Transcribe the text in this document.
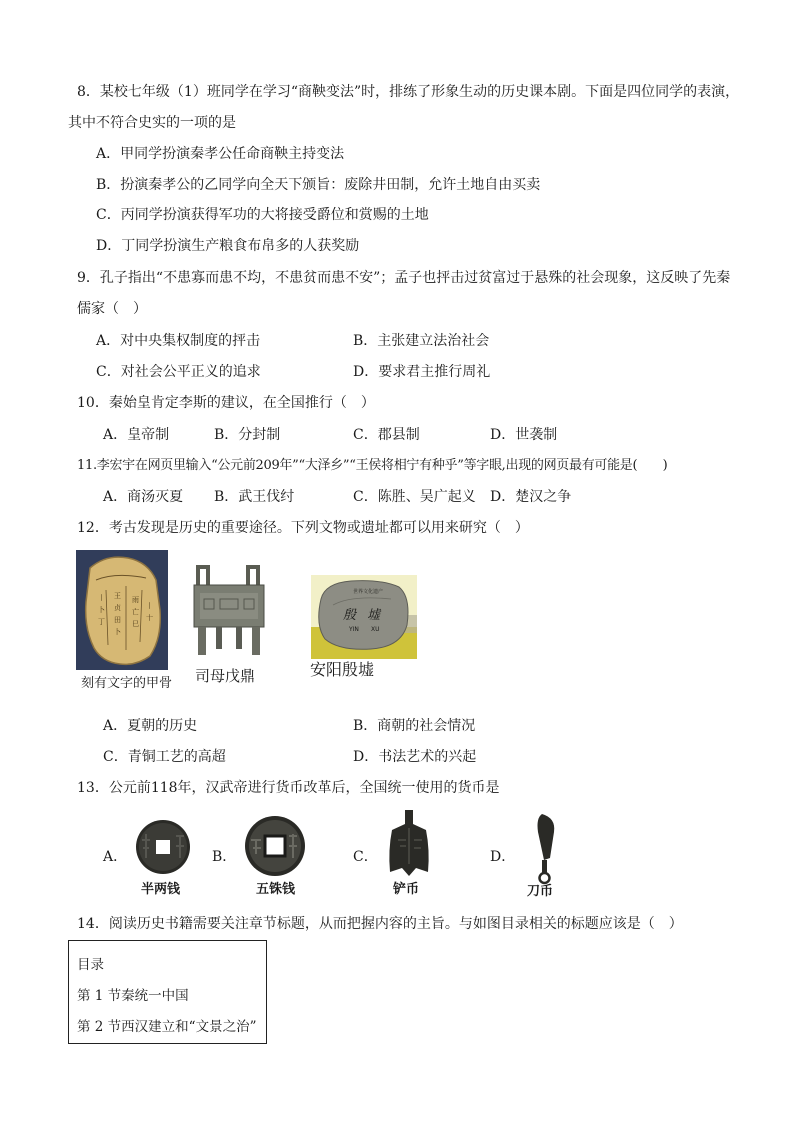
8．某校七年级（1）班同学在学习“商鞅变法”时，排练了形象生动的历史课本剧。下面是四位同学的表演，
其中不符合史实的一项的是
A．甲同学扮演秦孝公任命商鞅主持变法
B．扮演秦孝公的乙同学向全天下颁旨：废除井田制，允许土地自由买卖
C．丙同学扮演获得军功的大将接受爵位和赏赐的土地
D．丁同学扮演生产粮食布帛多的人获奖励
9．孔子指出“不患寡而患不均，不患贫而患不安”；孟子也抨击过贫富过于悬殊的社会现象，这反映了先秦
儒家（　）
A．对中央集权制度的抨击	B．主张建立法治社会
C．对社会公平正义的追求	D．要求君主推行周礼
10．秦始皇肯定李斯的建议，在全国推行（　）
A．皇帝制	B．分封制	C．郡县制	D．世袭制
11.李宏宇在网页里输入“公元前209年”“大泽乡”“王侯将相宁有种乎”等字眼,出现的网页最有可能是(　　)
A．商汤灭夏 B．武王伐纣	C．陈胜、吴广起义 D．楚汉之争
12．考古发现是历史的重要途径。下列文物或遗址都可以用来研究（　）
丨
卜
丁
王
贞
田
卜
雨
亡
巳
丨
十
刻有文字的甲骨 司母戊鼎
世界文化遗产
殷 墟
YIN XU
安阳殷墟
A．夏朝的历史	B．商朝的社会情况
C．青铜工艺的高超	D．书法艺术的兴起
13．公元前118年，汉武帝进行货币改革后，全国统一使用的货币是
A．
半两钱
B．
五铢钱
C．
铲币
D．
刀币
14．阅读历史书籍需要关注章节标题，从而把握内容的主旨。与如图目录相关的标题应该是（　）
目录
第 1 节秦统一中国
第 2 节西汉建立和“文景之治”
